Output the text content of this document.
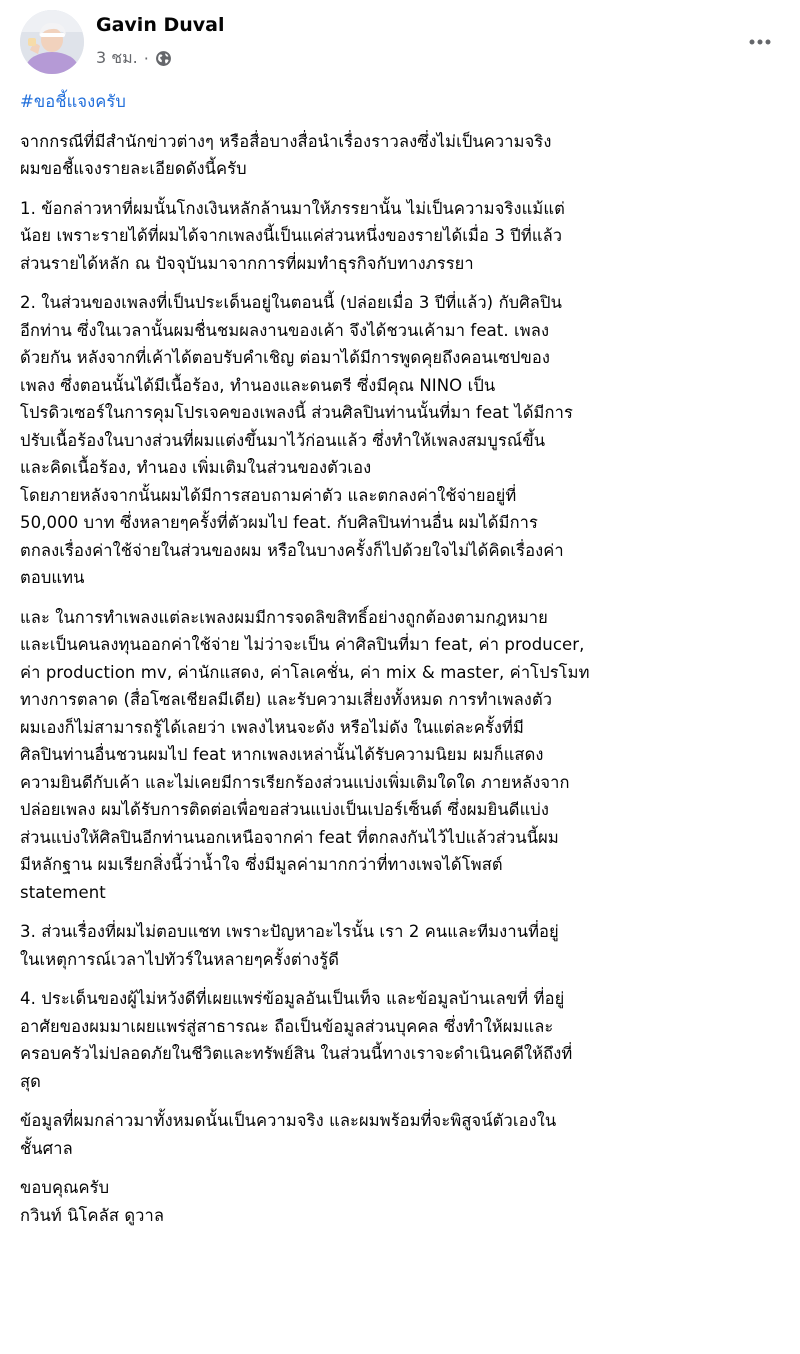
Gavin Duval
3 ชม. ·
#ขอชี้แจงครับ
จากกรณีที่มีสำนักข่าวต่างๆ หรือสื่อบางสื่อนำเรื่องราวลงซึ่งไม่เป็นความจริง
ผมขอชี้แจงรายละเอียดดังนี้ครับ
1. ข้อกล่าวหาที่ผมนั้นโกงเงินหลักล้านมาให้ภรรยานั้น ไม่เป็นความจริงแม้แต่
น้อย เพราะรายได้ที่ผมได้จากเพลงนี้เป็นแค่ส่วนหนึ่งของรายได้เมื่อ 3 ปีที่แล้ว
ส่วนรายได้หลัก ณ ปัจจุบันมาจากการที่ผมทำธุรกิจกับทางภรรยา
2. ในส่วนของเพลงที่เป็นประเด็นอยู่ในตอนนี้ (ปล่อยเมื่อ 3 ปีที่แล้ว) กับศิลปิน
อีกท่าน ซึ่งในเวลานั้นผมชื่นชมผลงานของเค้า จึงได้ชวนเค้ามา feat. เพลง
ด้วยกัน หลังจากที่เค้าได้ตอบรับคำเชิญ ต่อมาได้มีการพูดคุยถึงคอนเซปของ
เพลง ซึ่งตอนนั้นได้มีเนื้อร้อง, ทำนองและดนตรี ซึ่งมีคุณ NINO เป็น
โปรดิวเซอร์ในการคุมโปรเจคของเพลงนี้ ส่วนศิลปินท่านนั้นที่มา feat ได้มีการ
ปรับเนื้อร้องในบางส่วนที่ผมแต่งขึ้นมาไว้ก่อนแล้ว ซึ่งทำให้เพลงสมบูรณ์ขึ้น
และคิดเนื้อร้อง, ทำนอง เพิ่มเติมในส่วนของตัวเอง
โดยภายหลังจากนั้นผมได้มีการสอบถามค่าตัว และตกลงค่าใช้จ่ายอยู่ที่
50,000 บาท ซึ่งหลายๆครั้งที่ตัวผมไป feat. กับศิลปินท่านอื่น ผมได้มีการ
ตกลงเรื่องค่าใช้จ่ายในส่วนของผม หรือในบางครั้งก็ไปด้วยใจไม่ได้คิดเรื่องค่า
ตอบแทน
และ ในการทำเพลงแต่ละเพลงผมมีการจดลิขสิทธิ์อย่างถูกต้องตามกฎหมาย
และเป็นคนลงทุนออกค่าใช้จ่าย ไม่ว่าจะเป็น ค่าศิลปินที่มา feat, ค่า producer,
ค่า production mv, ค่านักแสดง, ค่าโลเคชั่น, ค่า mix & master, ค่าโปรโมท
ทางการตลาด (สื่อโซลเชียลมีเดีย) และรับความเสี่ยงทั้งหมด การทำเพลงตัว
ผมเองก็ไม่สามารถรู้ได้เลยว่า เพลงไหนจะดัง หรือไม่ดัง ในแต่ละครั้งที่มี
ศิลปินท่านอื่นชวนผมไป feat หากเพลงเหล่านั้นได้รับความนิยม ผมก็แสดง
ความยินดีกับเค้า และไม่เคยมีการเรียกร้องส่วนแบ่งเพิ่มเติมใดใด ภายหลังจาก
ปล่อยเพลง ผมได้รับการติดต่อเพื่อขอส่วนแบ่งเป็นเปอร์เซ็นต์ ซึ่งผมยินดีแบ่ง
ส่วนแบ่งให้ศิลปินอีกท่านนอกเหนือจากค่า feat ที่ตกลงกันไว้ไปแล้วส่วนนี้ผม
มีหลักฐาน ผมเรียกสิ่งนี้ว่าน้ำใจ ซึ่งมีมูลค่ามากกว่าที่ทางเพจได้โพสต์
statement
3. ส่วนเรื่องที่ผมไม่ตอบแชท เพราะปัญหาอะไรนั้น เรา 2 คนและทีมงานที่อยู่
ในเหตุการณ์เวลาไปทัวร์ในหลายๆครั้งต่างรู้ดี
4. ประเด็นของผู้ไม่หวังดีที่เผยแพร่ข้อมูลอันเป็นเท็จ และข้อมูลบ้านเลขที่ ที่อยู่
อาศัยของผมมาเผยแพร่สู่สาธารณะ ถือเป็นข้อมูลส่วนบุคคล ซึ่งทำให้ผมและ
ครอบครัวไม่ปลอดภัยในชีวิตและทรัพย์สิน ในส่วนนี้ทางเราจะดำเนินคดีให้ถึงที่
สุด
ข้อมูลที่ผมกล่าวมาทั้งหมดนั้นเป็นความจริง และผมพร้อมที่จะพิสูจน์ตัวเองใน
ชั้นศาล
ขอบคุณครับ
กวินท์ นิโคลัส ดูวาล
